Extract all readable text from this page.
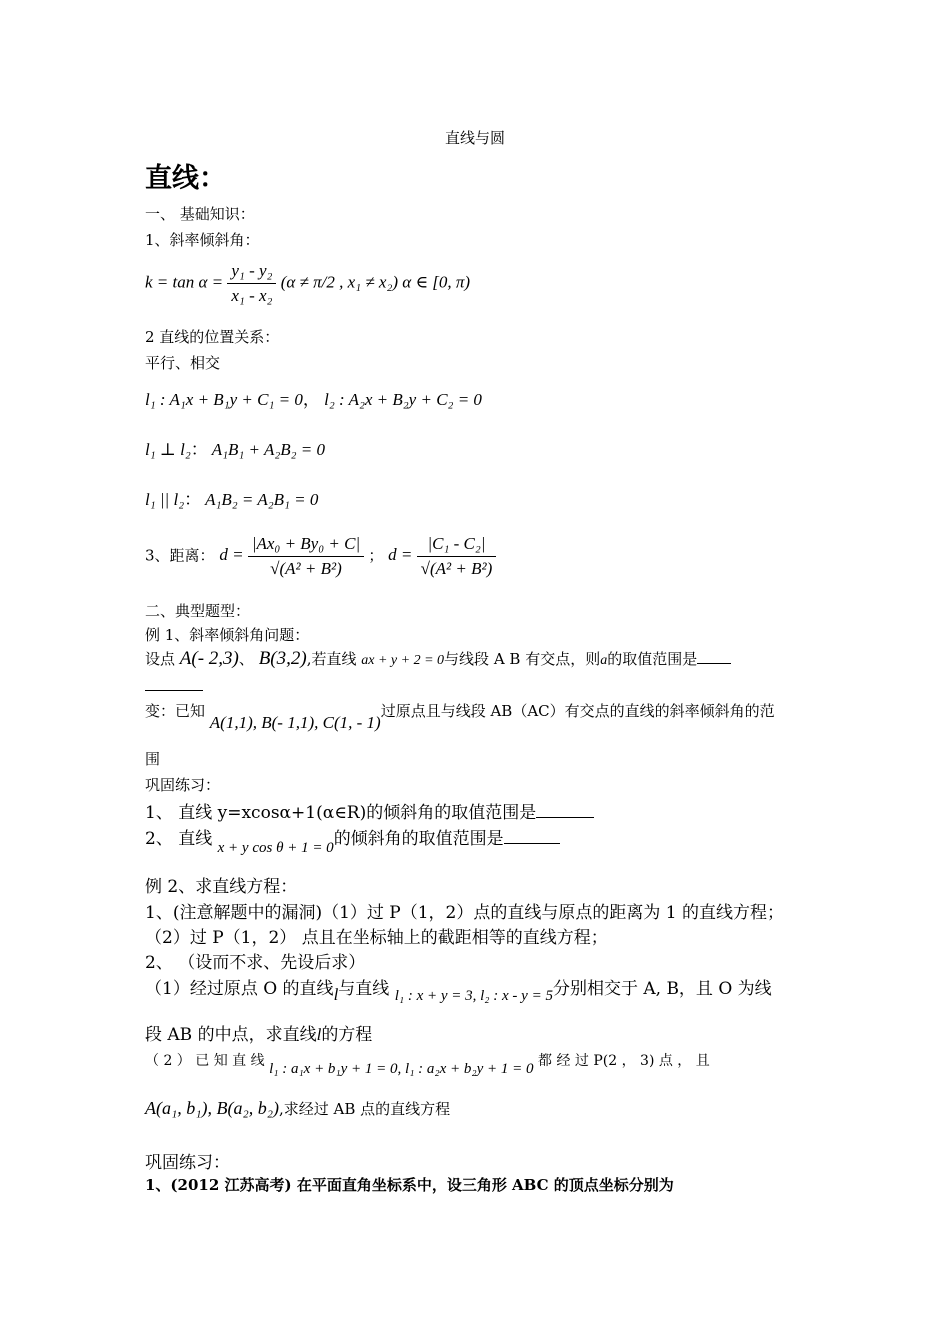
直线与圆
直线：
一、 基础知识：
1、斜率倾斜角：
$k = \tan \alpha = \frac{\text{y₁ - y₂}}{\text{x₁ - x₂}} (\alpha \ne \pi/2$ , x₁ ≠ x₂) α ∈ [0, π)
2 直线的位置关系：
平行、相交
l₁ : A₁x + B₁y + C₁ = 0， l₂ : A₂x + B₂y + C₂ = 0
l₁ ⊥ l₂： A₁B₁ + A₂B₂ = 0
l₁ || l₂： A₁B₂ = A₂B₁ = 0
3、距离： $d = \frac{\text{|Ax₀ + By₀ + C|}}{\text{√(A² + B²)}}$ ； $d = \frac{\text{|C₁ - C₂|}}{\text{√(A² + B²)}}$
二、典型题型：
例 1、斜率倾斜角问题：
设点 A(- 2,3)、 B(3,2),若直线 ax + y + 2 = 0与线段 A B 有交点，则a的取值范围是
变：已知 A(1,1), B(- 1,1), C(1, - 1)过原点且与线段 AB（AC）有交点的直线的斜率倾斜角的范
围
巩固练习：
1、 直线 y=xcosα+1(α∈R)的倾斜角的取值范围是
2、 直线 x + y cos θ + 1 = 0的倾斜角的取值范围是
例 2、求直线方程：
1、(注意解题中的漏洞)（1）过 P（1，2）点的直线与原点的距离为 1 的直线方程；
（2）过 P（1，2） 点且在坐标轴上的截距相等的直线方程；
2、 （设而不求、先设后求）
（1）经过原点 O 的直线l与直线 l₁ : x + y = 3, l₂ : x - y = 5分别相交于 A, B，且 O 为线
段 AB 的中点，求直线l的方程
（ 2 ） 已 知 直 线 l₁ : a₁x + b₁y + 1 = 0, l₁ : a₂x + b₂y + 1 = 0 都 经 过 P(2 ， 3) 点 ， 且
A(a₁, b₁), B(a₂, b₂),求经过 AB 点的直线方程
巩固练习：
1、(2012 江苏高考) 在平面直角坐标系中，设三角形 ABC 的顶点坐标分别为
